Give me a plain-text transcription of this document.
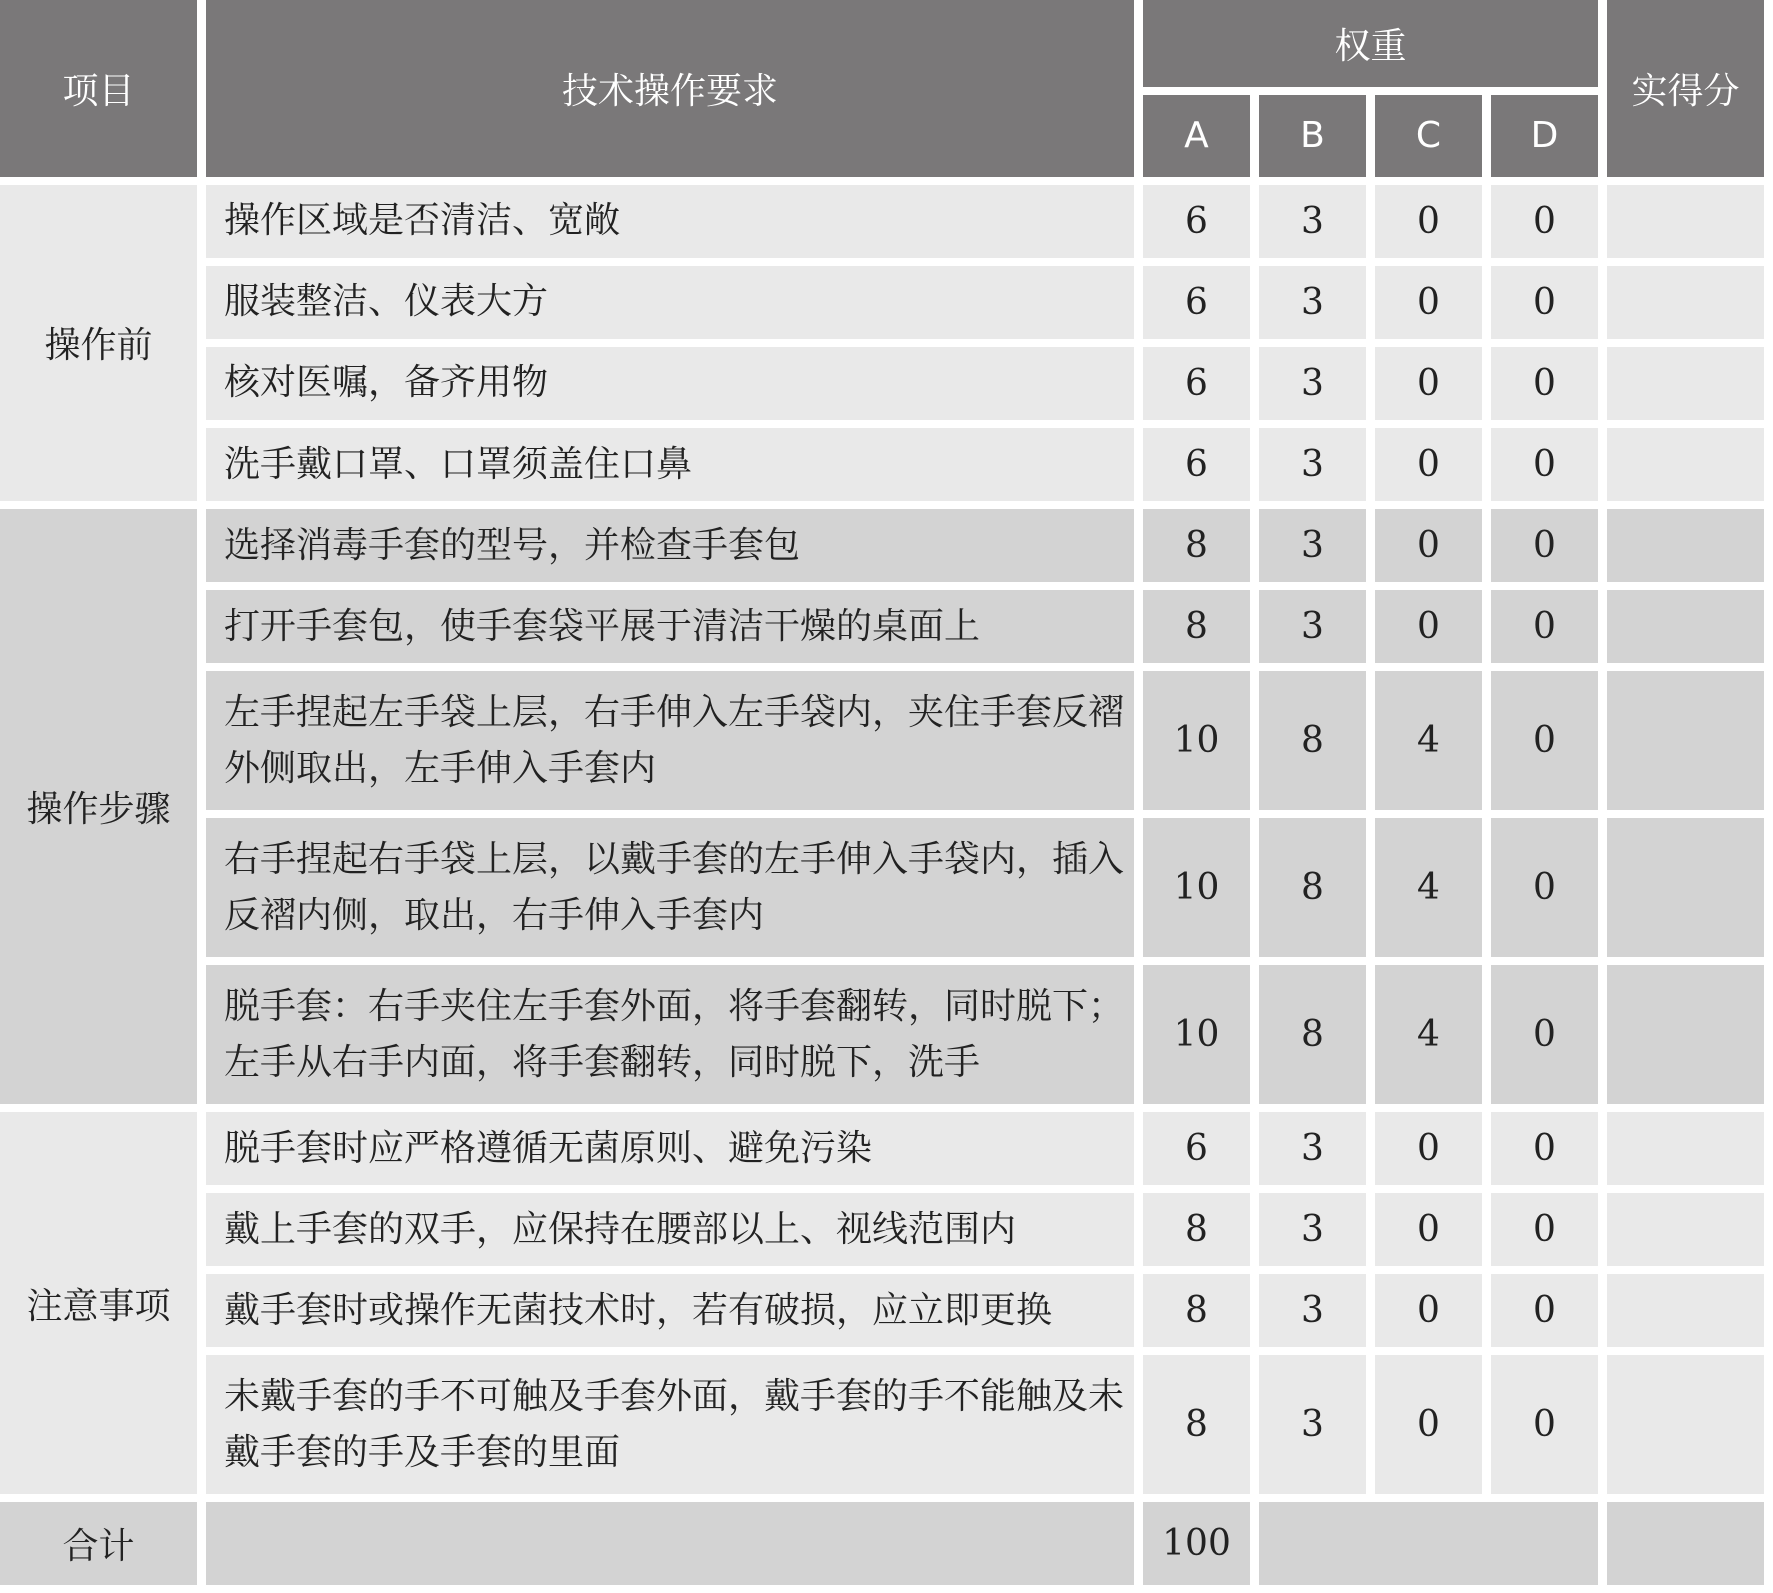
项目	技术操作要求	权重				实得分
		A	B	C	D	
操作前	操作区域是否清洁、宽敞	6	3	0	0	
	服装整洁、仪表大方	6	3	0	0	
	核对医嘱，备齐用物	6	3	0	0	
	洗手戴口罩、口罩须盖住口鼻	6	3	0	0	
操作步骤	选择消毒手套的型号，并检查手套包	8	3	0	0	
	打开手套包，使手套袋平展于清洁干燥的桌面上	8	3	0	0	
	左手捏起左手袋上层，右手伸入左手袋内，夹住手套反褶外侧取出，左手伸入手套内	10	8	4	0	
	右手捏起右手袋上层，以戴手套的左手伸入手袋内，插入反褶内侧，取出，右手伸入手套内	10	8	4	0	
	脱手套：右手夹住左手套外面，将手套翻转，同时脱下；左手从右手内面，将手套翻转，同时脱下，洗手	10	8	4	0	
注意事项	脱手套时应严格遵循无菌原则、避免污染	6	3	0	0	
	戴上手套的双手，应保持在腰部以上、视线范围内	8	3	0	0	
	戴手套时或操作无菌技术时，若有破损，应立即更换	8	3	0	0	
	未戴手套的手不可触及手套外面，戴手套的手不能触及未戴手套的手及手套的里面	8	3	0	0	
合计		100				
